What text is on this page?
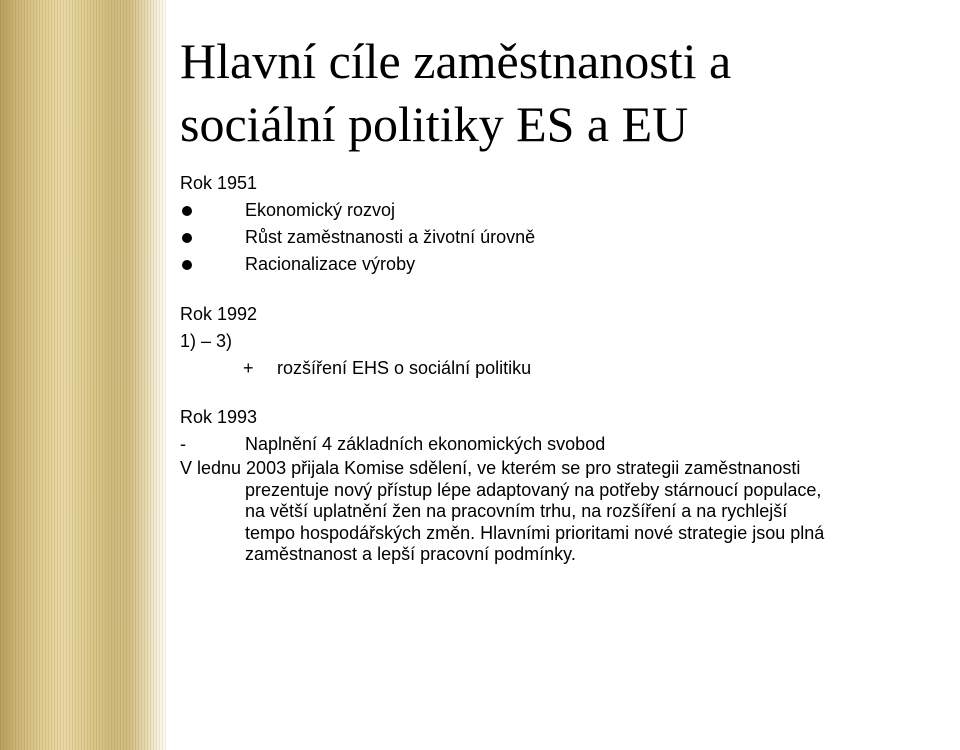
Hlavní cíle zaměstnanosti a
sociální politiky ES a EU
Rok 1951
Ekonomický rozvoj
Růst zaměstnanosti a životní úrovně
Racionalizace výroby
Rok 1992
1) – 3)
+	rozšíření EHS o sociální politiku
Rok 1993
-	Naplnění 4 základních ekonomických svobod
V lednu 2003 přijala Komise sdělení, ve kterém se pro strategii zaměstnanosti
prezentuje nový přístup lépe adaptovaný na potřeby stárnoucí populace,
na větší uplatnění žen na pracovním trhu, na rozšíření a na rychlejší
tempo hospodářských změn. Hlavními prioritami nové strategie jsou plná
zaměstnanost a lepší pracovní podmínky.
